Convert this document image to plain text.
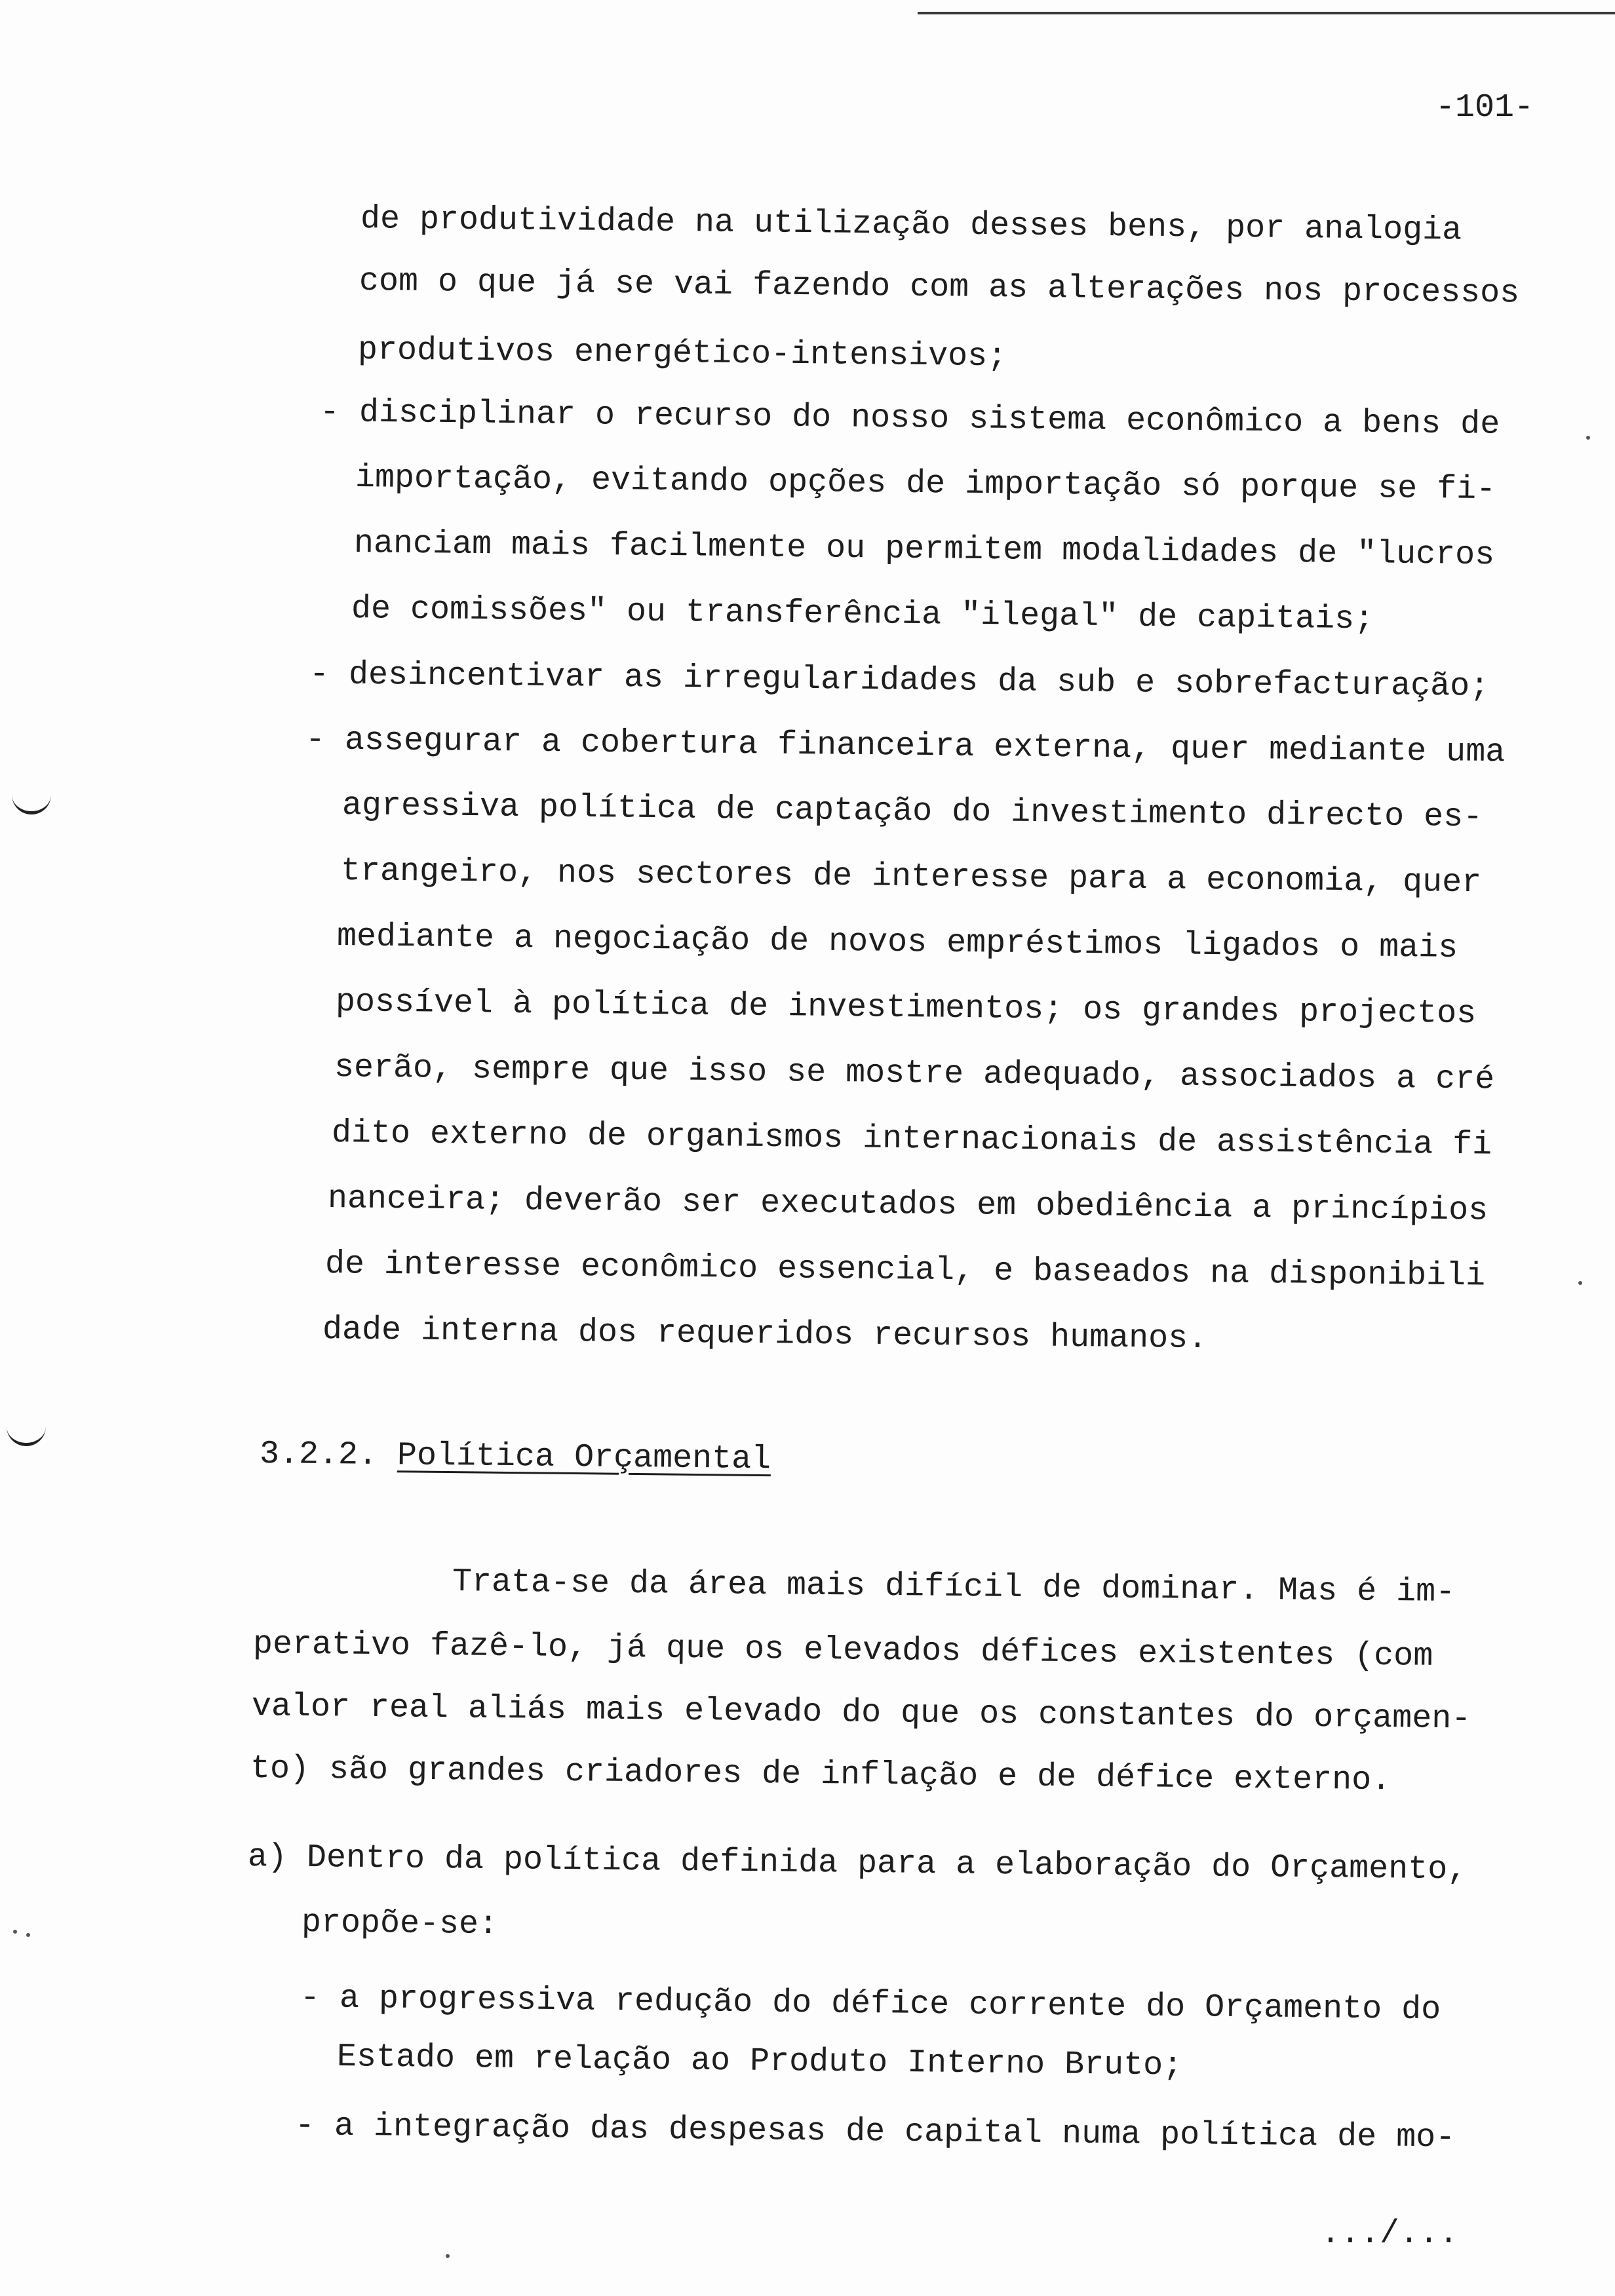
-101-
de produtividade na utilização desses bens, por analogia
com o que já se vai fazendo com as alterações nos processos
produtivos energético-intensivos;
- disciplinar o recurso do nosso sistema econômico a bens de
importação, evitando opções de importação só porque se fi-
nanciam mais facilmente ou permitem modalidades de "lucros
de comissões" ou transferência "ilegal" de capitais;
- desincentivar as irregularidades da sub e sobrefacturação;
- assegurar a cobertura financeira externa, quer mediante uma
agressiva política de captação do investimento directo es-
trangeiro, nos sectores de interesse para a economia, quer
mediante a negociação de novos empréstimos ligados o mais
possível à política de investimentos; os grandes projectos
serão, sempre que isso se mostre adequado, associados a cré
dito externo de organismos internacionais de assistência fi
nanceira; deverão ser executados em obediência a princípios
de interesse econômico essencial, e baseados na disponibili
dade interna dos requeridos recursos humanos.
3.2.2. Política Orçamental
Trata-se da área mais difícil de dominar. Mas é im-
perativo fazê-lo, já que os elevados défices existentes (com
valor real aliás mais elevado do que os constantes do orçamen-
to) são grandes criadores de inflação e de défice externo.
a) Dentro da política definida para a elaboração do Orçamento,
propõe-se:
- a progressiva redução do défice corrente do Orçamento do
Estado em relação ao Produto Interno Bruto;
- a integração das despesas de capital numa política de mo-
.../...
